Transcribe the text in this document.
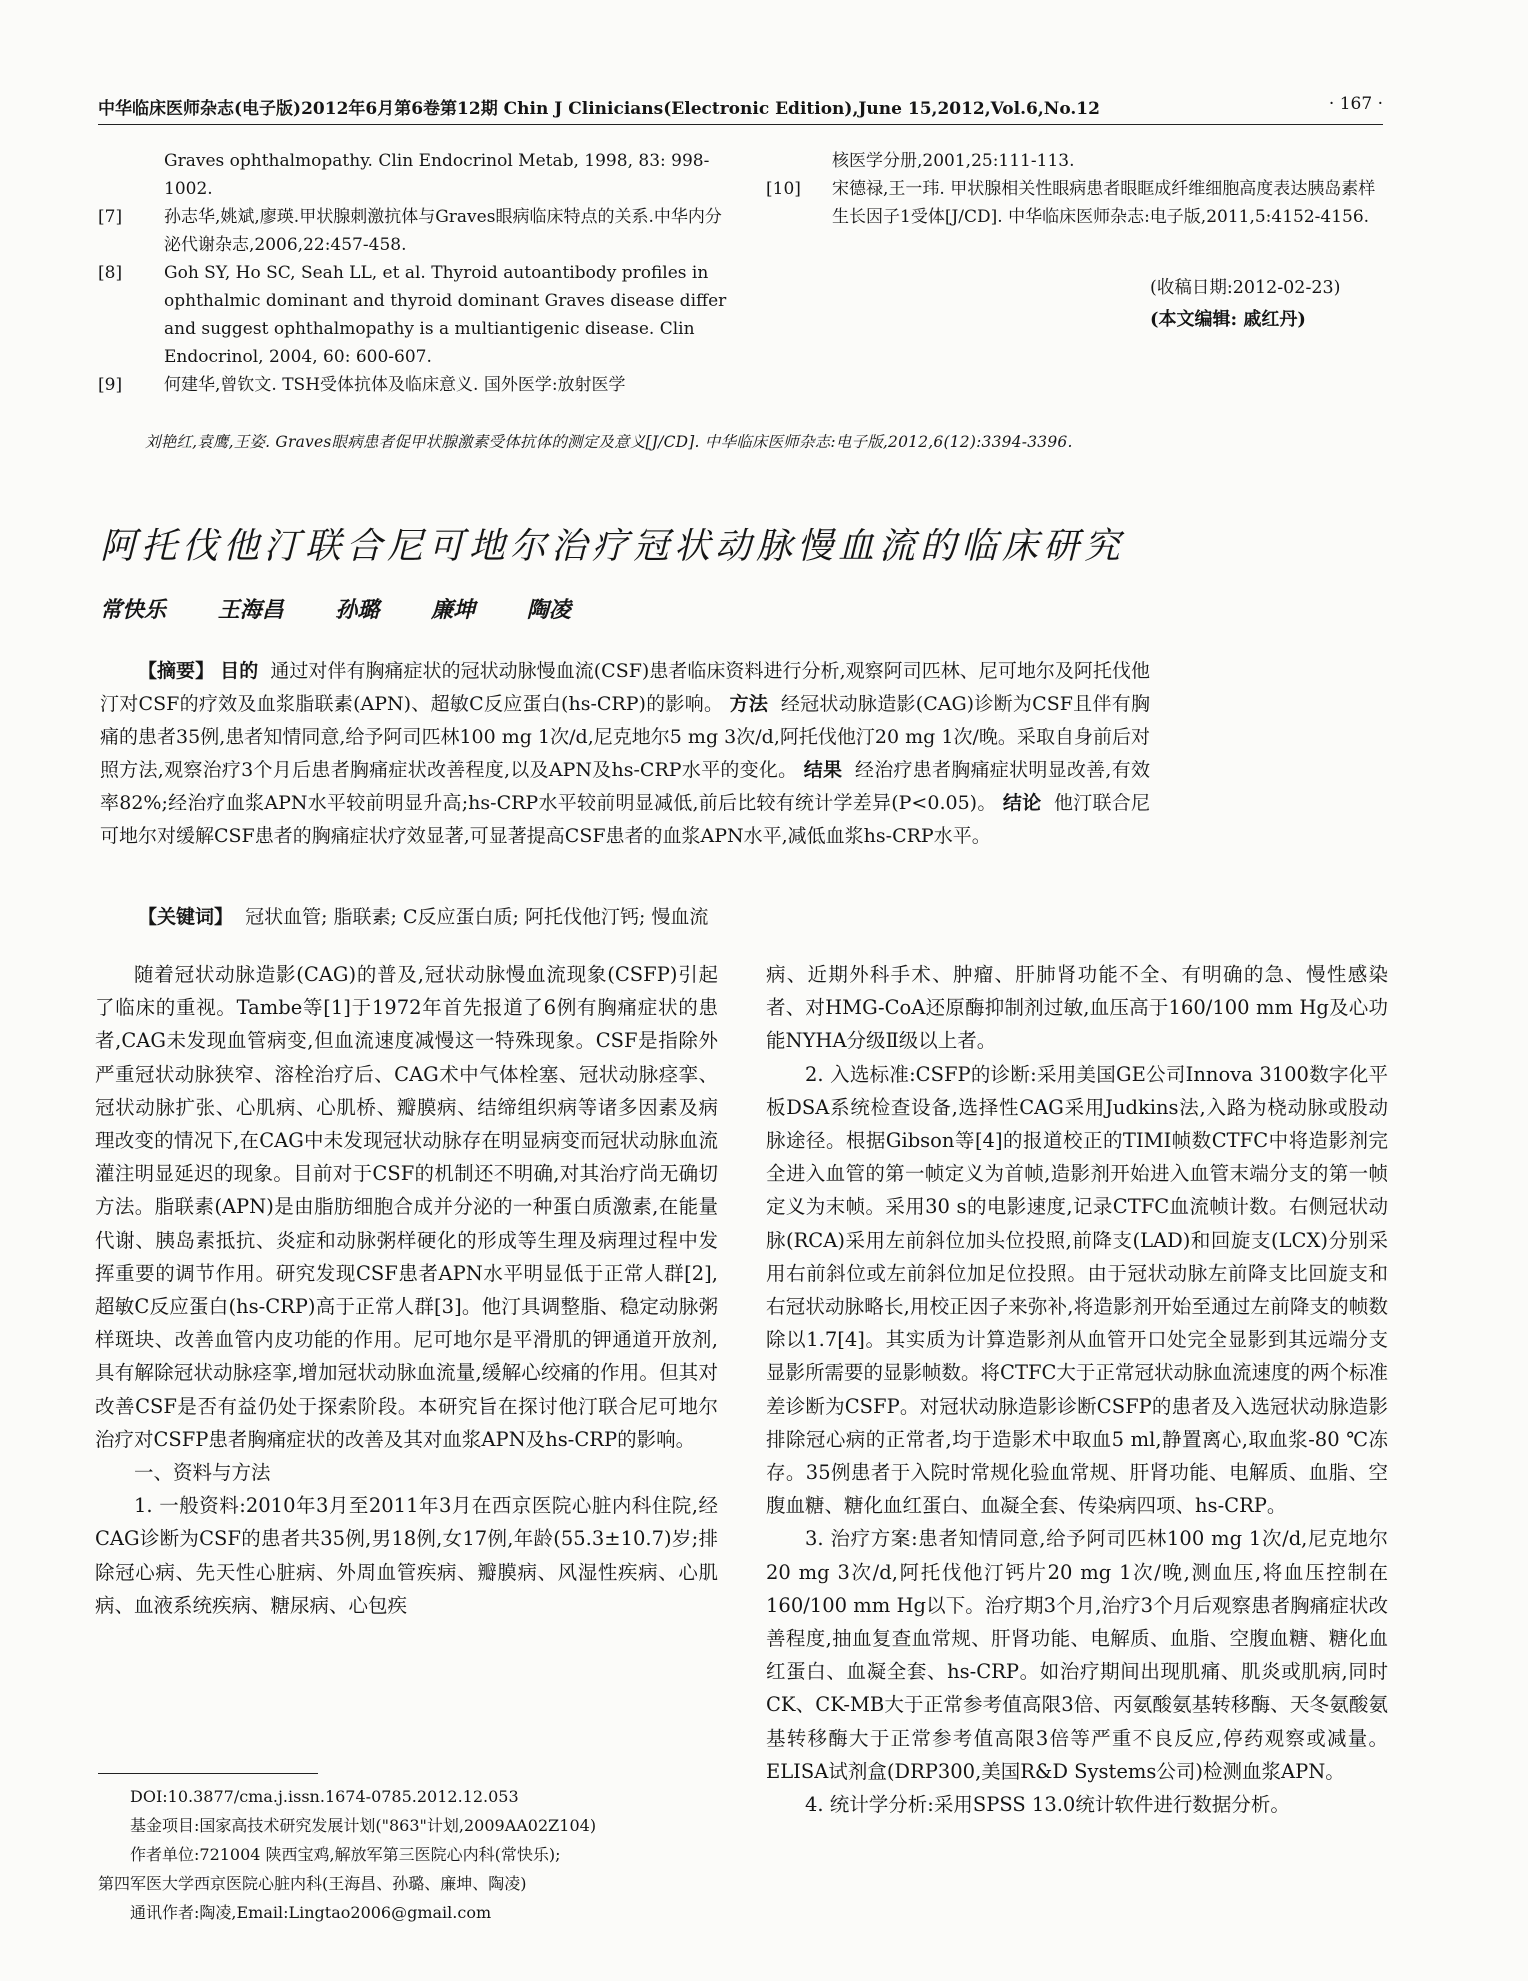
中华临床医师杂志(电子版)2012年6月第6卷第12期 Chin J Clinicians(Electronic Edition),June 15,2012,Vol.6,No.12	· 167 ·
Graves ophthalmopathy. Clin Endocrinol Metab, 1998, 83: 998-1002.
[7]	孙志华,姚斌,廖瑛.甲状腺刺激抗体与Graves眼病临床特点的关系.中华内分泌代谢杂志,2006,22:457-458.
[8]	Goh SY, Ho SC, Seah LL, et al. Thyroid autoantibody profiles in ophthalmic dominant and thyroid dominant Graves disease differ and suggest ophthalmopathy is a multiantigenic disease. Clin Endocrinol, 2004, 60: 600-607.
[9]	何建华,曾钦文. TSH受体抗体及临床意义. 国外医学:放射医学
核医学分册,2001,25:111-113.
[10]	宋德禄,王一玮. 甲状腺相关性眼病患者眼眶成纤维细胞高度表达胰岛素样生长因子1受体[J/CD]. 中华临床医师杂志:电子版,2011,5:4152-4156.
(收稿日期:2012-02-23)
(本文编辑: 戚红丹)
刘艳红,袁鹰,王姿. Graves眼病患者促甲状腺激素受体抗体的测定及意义[J/CD]. 中华临床医师杂志:电子版,2012,6(12):3394-3396.
阿托伐他汀联合尼可地尔治疗冠状动脉慢血流的临床研究
常快乐 王海昌 孙璐 廉坤 陶凌
【摘要】 目的 通过对伴有胸痛症状的冠状动脉慢血流(CSF)患者临床资料进行分析,观察阿司匹林、尼可地尔及阿托伐他汀对CSF的疗效及血浆脂联素(APN)、超敏C反应蛋白(hs-CRP)的影响。 方法 经冠状动脉造影(CAG)诊断为CSF且伴有胸痛的患者35例,患者知情同意,给予阿司匹林100 mg 1次/d,尼克地尔5 mg 3次/d,阿托伐他汀20 mg 1次/晚。采取自身前后对照方法,观察治疗3个月后患者胸痛症状改善程度,以及APN及hs-CRP水平的变化。 结果 经治疗患者胸痛症状明显改善,有效率82%;经治疗血浆APN水平较前明显升高;hs-CRP水平较前明显减低,前后比较有统计学差异(P<0.05)。 结论 他汀联合尼可地尔对缓解CSF患者的胸痛症状疗效显著,可显著提高CSF患者的血浆APN水平,减低血浆hs-CRP水平。
【关键词】 冠状血管; 脂联素; C反应蛋白质; 阿托伐他汀钙; 慢血流

随着冠状动脉造影(CAG)的普及,冠状动脉慢血流现象(CSFP)引起了临床的重视。Tambe等[1]于1972年首先报道了6例有胸痛症状的患者,CAG未发现血管病变,但血流速度减慢这一特殊现象。CSF是指除外严重冠状动脉狭窄、溶栓治疗后、CAG术中气体栓塞、冠状动脉痉挛、冠状动脉扩张、心肌病、心肌桥、瓣膜病、结缔组织病等诸多因素及病理改变的情况下,在CAG中未发现冠状动脉存在明显病变而冠状动脉血流灌注明显延迟的现象。目前对于CSF的机制还不明确,对其治疗尚无确切方法。脂联素(APN)是由脂肪细胞合成并分泌的一种蛋白质激素,在能量代谢、胰岛素抵抗、炎症和动脉粥样硬化的形成等生理及病理过程中发挥重要的调节作用。研究发现CSF患者APN水平明显低于正常人群[2],超敏C反应蛋白(hs-CRP)高于正常人群[3]。他汀具调整脂、稳定动脉粥样斑块、改善血管内皮功能的作用。尼可地尔是平滑肌的钾通道开放剂,具有解除冠状动脉痉挛,增加冠状动脉血流量,缓解心绞痛的作用。但其对改善CSF是否有益仍处于探索阶段。本研究旨在探讨他汀联合尼可地尔治疗对CSFP患者胸痛症状的改善及其对血浆APN及hs-CRP的影响。

一、资料与方法

1. 一般资料:2010年3月至2011年3月在西京医院心脏内科住院,经CAG诊断为CSF的患者共35例,男18例,女17例,年龄(55.3±10.7)岁;排除冠心病、先天性心脏病、外周血管疾病、瓣膜病、风湿性疾病、心肌病、血液系统疾病、糖尿病、心包疾

病、近期外科手术、肿瘤、肝肺肾功能不全、有明确的急、慢性感染者、对HMG-CoA还原酶抑制剂过敏,血压高于160/100 mm Hg及心功能NYHA分级Ⅱ级以上者。

2. 入选标准:CSFP的诊断:采用美国GE公司Innova 3100数字化平板DSA系统检查设备,选择性CAG采用Judkins法,入路为桡动脉或股动脉途径。根据Gibson等[4]的报道校正的TIMI帧数CTFC中将造影剂完全进入血管的第一帧定义为首帧,造影剂开始进入血管末端分支的第一帧定义为末帧。采用30 s的电影速度,记录CTFC血流帧计数。右侧冠状动脉(RCA)采用左前斜位加头位投照,前降支(LAD)和回旋支(LCX)分别采用右前斜位或左前斜位加足位投照。由于冠状动脉左前降支比回旋支和右冠状动脉略长,用校正因子来弥补,将造影剂开始至通过左前降支的帧数除以1.7[4]。其实质为计算造影剂从血管开口处完全显影到其远端分支显影所需要的显影帧数。将CTFC大于正常冠状动脉血流速度的两个标准差诊断为CSFP。对冠状动脉造影诊断CSFP的患者及入选冠状动脉造影排除冠心病的正常者,均于造影术中取血5 ml,静置离心,取血浆-80 ℃冻存。35例患者于入院时常规化验血常规、肝肾功能、电解质、血脂、空腹血糖、糖化血红蛋白、血凝全套、传染病四项、hs-CRP。

3. 治疗方案:患者知情同意,给予阿司匹林100 mg 1次/d,尼克地尔20 mg 3次/d,阿托伐他汀钙片20 mg 1次/晚,测血压,将血压控制在160/100 mm Hg以下。治疗期3个月,治疗3个月后观察患者胸痛症状改善程度,抽血复查血常规、肝肾功能、电解质、血脂、空腹血糖、糖化血红蛋白、血凝全套、hs-CRP。如治疗期间出现肌痛、肌炎或肌病,同时CK、CK-MB大于正常参考值高限3倍、丙氨酸氨基转移酶、天冬氨酸氨基转移酶大于正常参考值高限3倍等严重不良反应,停药观察或减量。ELISA试剂盒(DRP300,美国R&D Systems公司)检测血浆APN。

4. 统计学分析:采用SPSS 13.0统计软件进行数据分析。

DOI:10.3877/cma.j.issn.1674-0785.2012.12.053
基金项目:国家高技术研究发展计划("863"计划,2009AA02Z104)
作者单位:721004 陕西宝鸡,解放军第三医院心内科(常快乐);
第四军医大学西京医院心脏内科(王海昌、孙璐、廉坤、陶凌)
通讯作者:陶凌,Email:Lingtao2006@gmail.com
